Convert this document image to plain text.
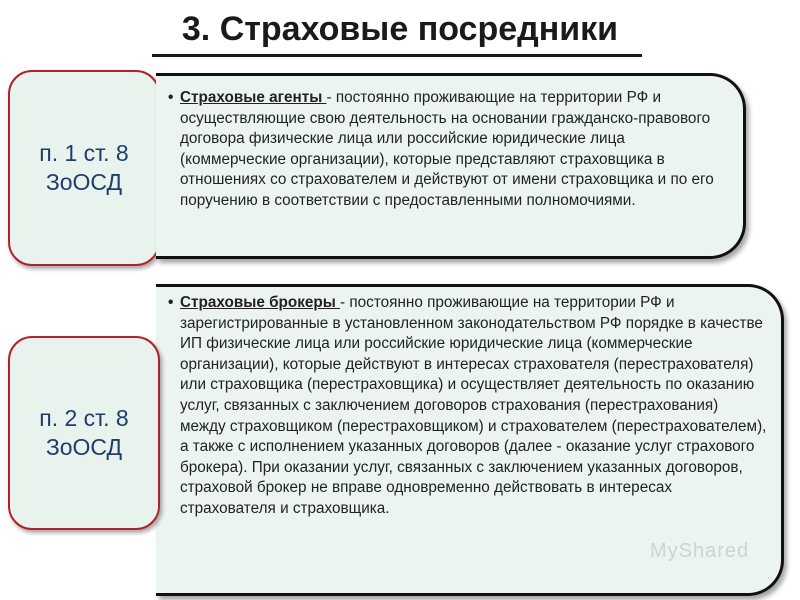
3. Страховые посредники
п. 1 ст. 8
ЗоОСД
• Страховые агенты - постоянно проживающие на территории РФ и осуществляющие свою деятельность на основании гражданско-правового договора физические лица или российские юридические лица (коммерческие организации), которые представляют страховщика в отношениях со страхователем и действуют от имени страховщика и по его поручению в соответствии с предоставленными полномочиями.
• Страховые брокеры - постоянно проживающие на территории РФ и зарегистрированные в установленном законодательством РФ порядке в качестве ИП физические лица или российские юридические лица (коммерческие организации), которые действуют в интересах страхователя (перестрахователя) или страховщика (перестраховщика) и осуществляет деятельность по оказанию услуг, связанных с заключением договоров страхования (перестрахования) между страховщиком (перестраховщиком) и страхователем (перестрахователем), а также с исполнением указанных договоров (далее - оказание услуг страхового брокера). При оказании услуг, связанных с заключением указанных договоров, страховой брокер не вправе одновременно действовать в интересах страхователя и страховщика.
п. 2 ст. 8
ЗоОСД
MyShared
